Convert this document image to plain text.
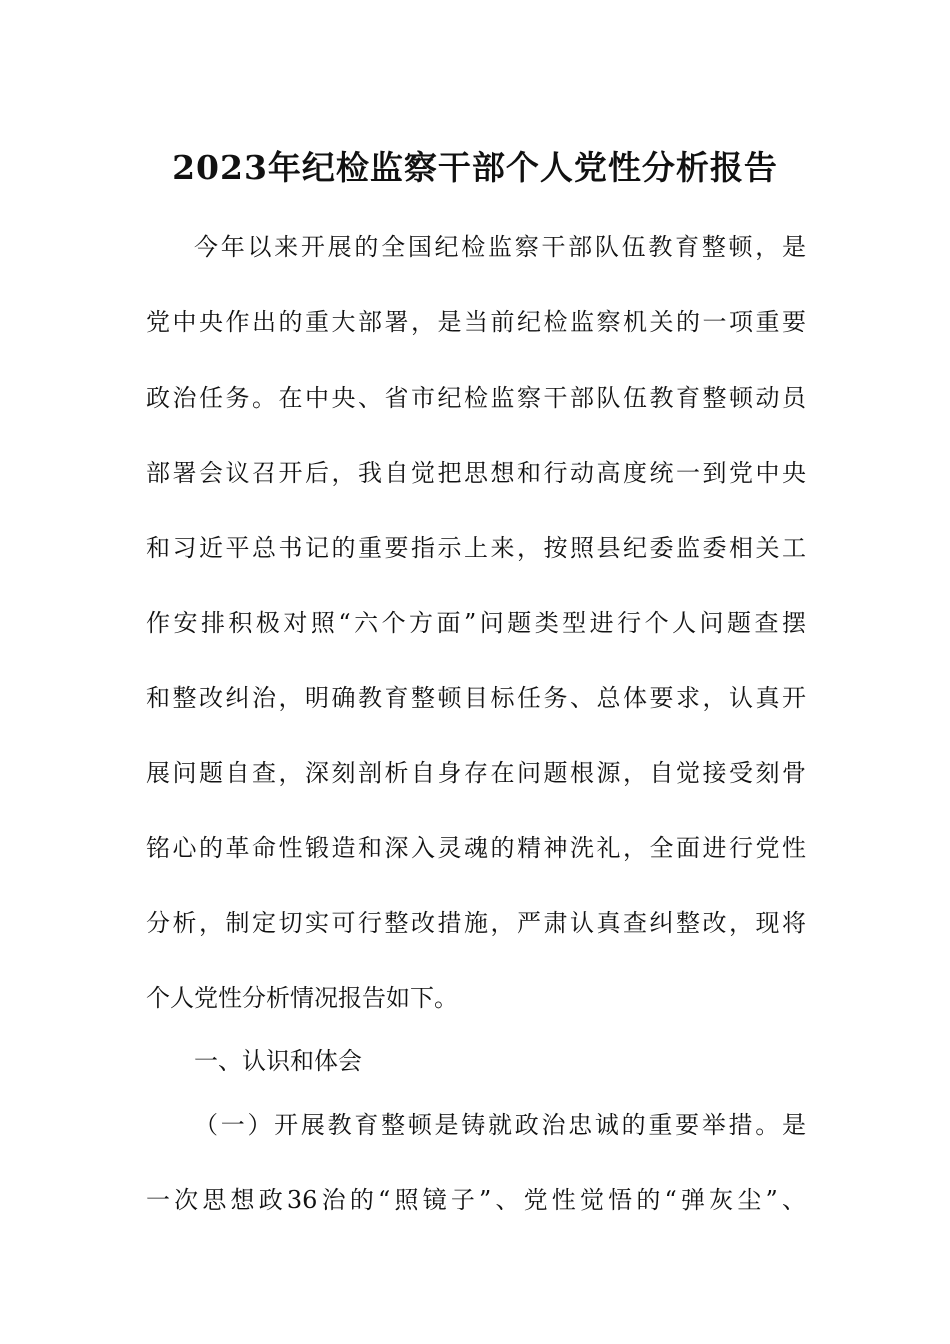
2023年纪检监察干部个人党性分析报告
今年以来开展的全国纪检监察干部队伍教育整顿，是
党中央作出的重大部署，是当前纪检监察机关的一项重要
政治任务。在中央、省市纪检监察干部队伍教育整顿动员
部署会议召开后，我自觉把思想和行动高度统一到党中央
和习近平总书记的重要指示上来，按照县纪委监委相关工
作安排积极对照“六个方面”问题类型进行个人问题查摆
和整改纠治，明确教育整顿目标任务、总体要求，认真开
展问题自查，深刻剖析自身存在问题根源，自觉接受刻骨
铭心的革命性锻造和深入灵魂的精神洗礼，全面进行党性
分析，制定切实可行整改措施，严肃认真查纠整改，现将
个人党性分析情况报告如下。
一、认识和体会
（一）开展教育整顿是铸就政治忠诚的重要举措。是
一次思想政36治的“照镜子”、党性觉悟的“弹灰尘”、
